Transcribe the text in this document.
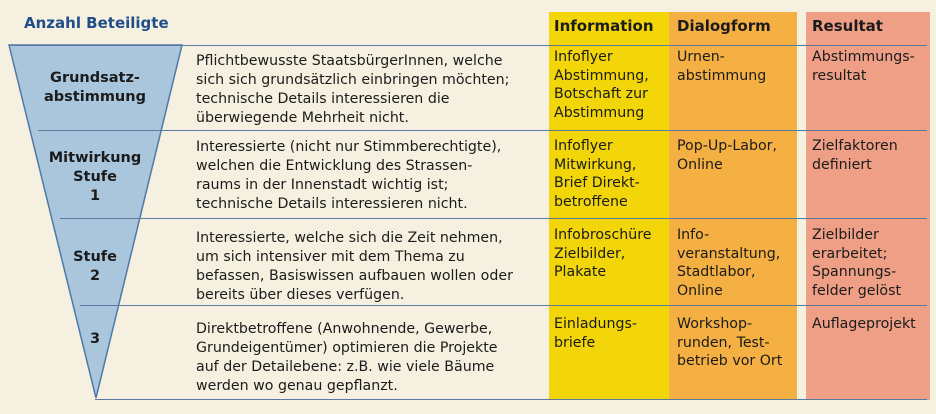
Anzahl Beteiligte	Information Dialogform	Resultat
Grundsatz-
abstimmung
Pflichtbewusste StaatsbürgerInnen, welche
sich sich grundsätzlich einbringen möchten;
technische Details interessieren die
überwiegende Mehrheit nicht.
Infoflyer
Abstimmung,
Botschaft zur
Abstimmung
Urnen-
abstimmung
Abstimmungs-
resultat
Mitwirkung
Stufe
1
Interessierte (nicht nur Stimmberechtigte),
welchen die Entwicklung des Strassen-
raums in der Innenstadt wichtig ist;
technische Details interessieren nicht.
Infoflyer
Mitwirkung,
Brief Direkt-
betroffene
Pop-Up-Labor,
Online
Zielfaktoren
definiert
Stufe
2
Interessierte, welche sich die Zeit nehmen,
um sich intensiver mit dem Thema zu
befassen, Basiswissen aufbauen wollen oder
bereits über dieses verfügen.
Infobroschüre
Zielbilder,
Plakate
Info-
veranstaltung,
Stadtlabor,
Online
Zielbilder
erarbeitet;
Spannungs-
felder gelöst
3
Direktbetroffene (Anwohnende, Gewerbe,
Grundeigentümer) optimieren die Projekte
auf der Detailebene: z.B. wie viele Bäume
werden wo genau gepflanzt.
Einladungs-
briefe
Workshop-
runden, Test-
betrieb vor Ort
Auflageprojekt
